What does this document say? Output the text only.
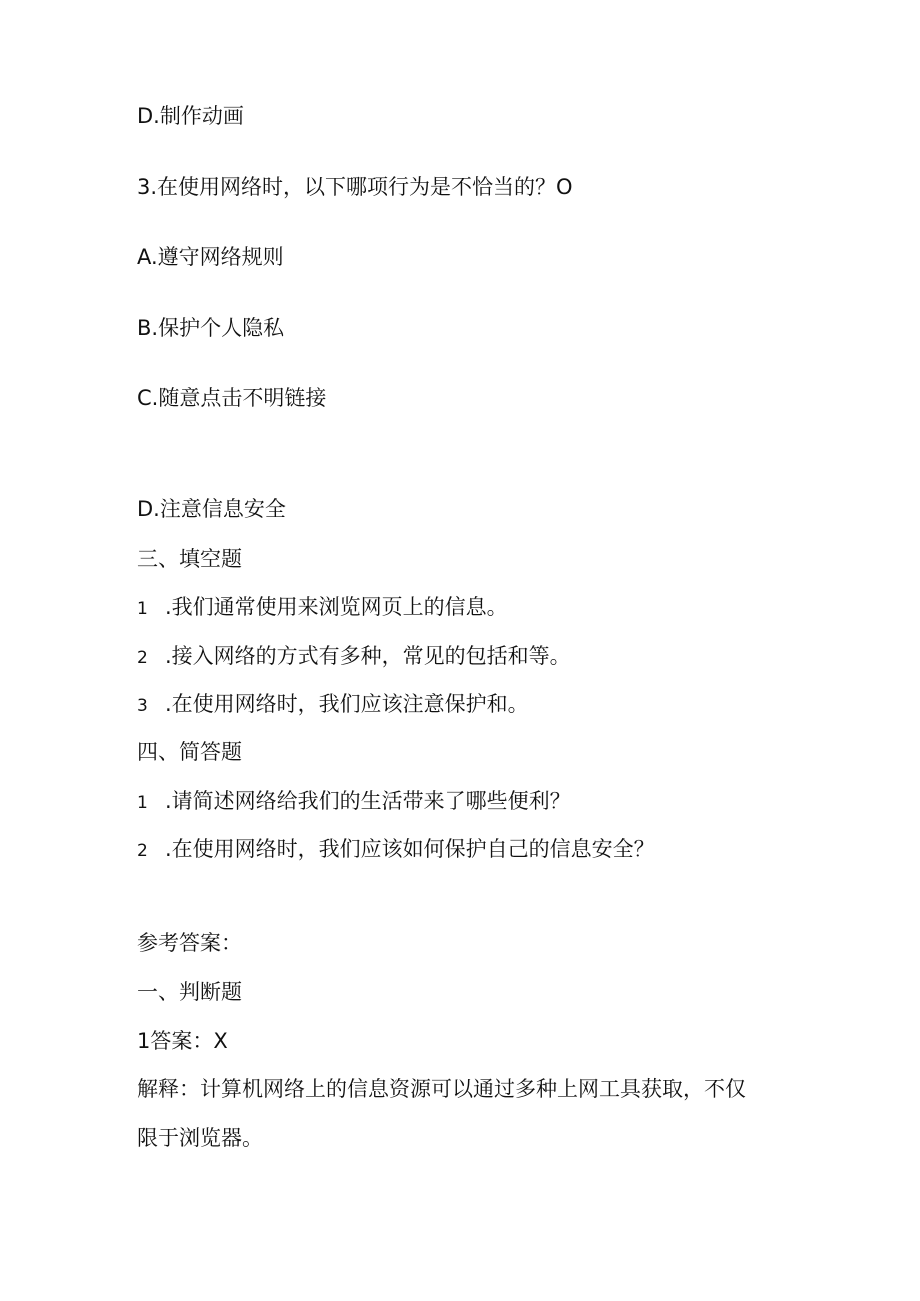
D.制作动画
3.在使用网络时，以下哪项行为是不恰当的？O
A.遵守网络规则
B.保护个人隐私
C.随意点击不明链接
D.注意信息安全
三、填空题
1 .我们通常使用来浏览网页上的信息。
2 .接入网络的方式有多种，常见的包括和等。
3 .在使用网络时，我们应该注意保护和。
四、简答题
1 .请简述网络给我们的生活带来了哪些便利？
2 .在使用网络时，我们应该如何保护自己的信息安全？
参考答案：
一、判断题
1答案：X
解释：计算机网络上的信息资源可以通过多种上网工具获取，不仅
限于浏览器。
